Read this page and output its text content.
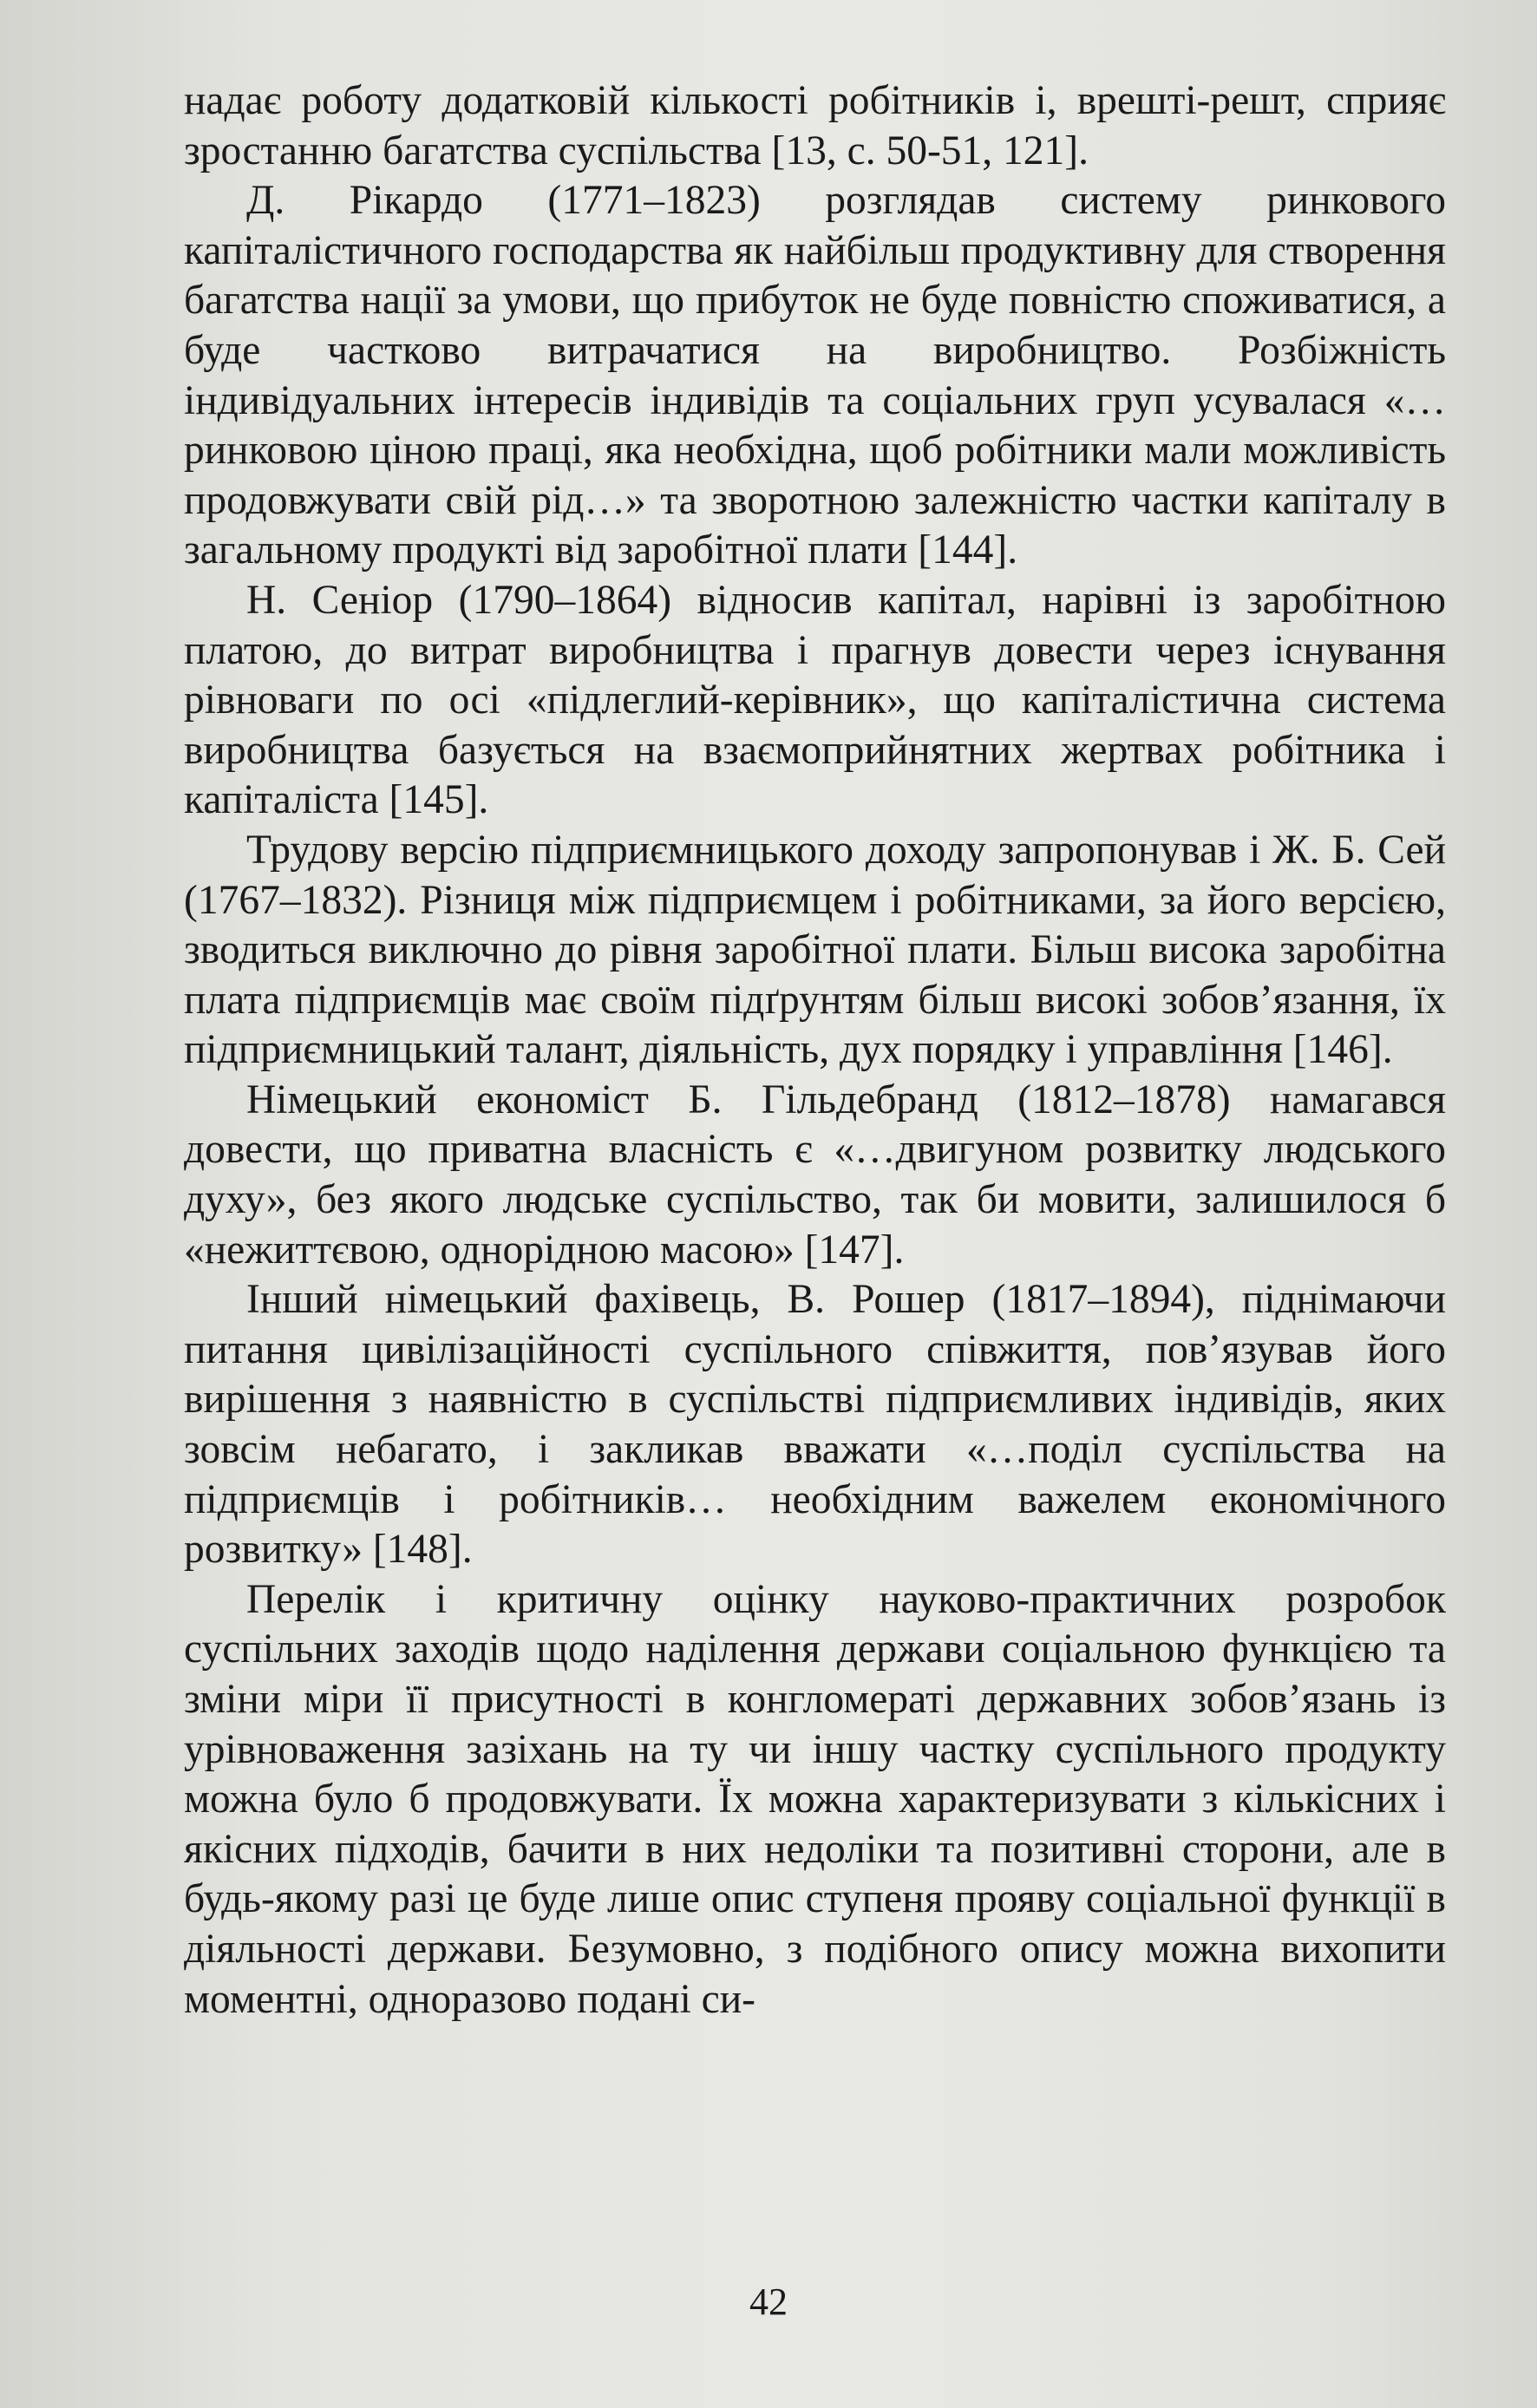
надає роботу додатковій кількості робітників і, врешті-решт, сприяє зростанню багатства суспільства [13, с. 50-51, 121].

Д. Рікардо (1771–1823) розглядав систему ринкового капіталістичного господарства як найбільш продуктивну для створення багатства нації за умови, що прибуток не буде повністю споживатися, а буде частково витрачатися на виробництво. Розбіжність індивідуальних інтересів індивідів та соціальних груп усувалася «…ринковою ціною праці, яка необхідна, щоб робітники мали можливість продовжувати свій рід…» та зворотною залежністю частки капіталу в загальному продукті від заробітної плати [144].

Н. Сеніор (1790–1864) відносив капітал, нарівні із заробітною платою, до витрат виробництва і прагнув довести через існування рівноваги по осі «підлеглий-керівник», що капіталістична система виробництва базується на взаємоприйнятних жертвах робітника і капіталіста [145].

Трудову версію підприємницького доходу запропонував і Ж. Б. Сей (1767–1832). Різниця між підприємцем і робітниками, за його версією, зводиться виключно до рівня заробітної плати. Більш висока заробітна плата підприємців має своїм підґрунтям більш високі зобов’язання, їх підприємницький талант, діяльність, дух порядку і управління [146].

Німецький економіст Б. Гільдебранд (1812–1878) намагався довести, що приватна власність є «…двигуном розвитку людського духу», без якого людське суспільство, так би мовити, залишилося б «нежиттєвою, однорідною масою» [147].

Інший німецький фахівець, В. Рошер (1817–1894), піднімаючи питання цивілізаційності суспільного співжиття, пов’язував його вирішення з наявністю в суспільстві підприємливих індивідів, яких зовсім небагато, і закликав вважати «…поділ суспільства на підприємців і робітників… необхідним важелем економічного розвитку» [148].

Перелік і критичну оцінку науково-практичних розробок суспільних заходів щодо наділення держави соціальною функцією та зміни міри її присутності в конгломераті державних зобов’язань із урівноваження зазіхань на ту чи іншу частку суспільного продукту можна було б продовжувати. Їх можна характеризувати з кількісних і якісних підходів, бачити в них недоліки та позитивні сторони, але в будь-якому разі це буде лише опис ступеня прояву соціальної функції в діяльності держави. Безумовно, з подібного опису можна вихопити моментні, одноразово подані си-

42
